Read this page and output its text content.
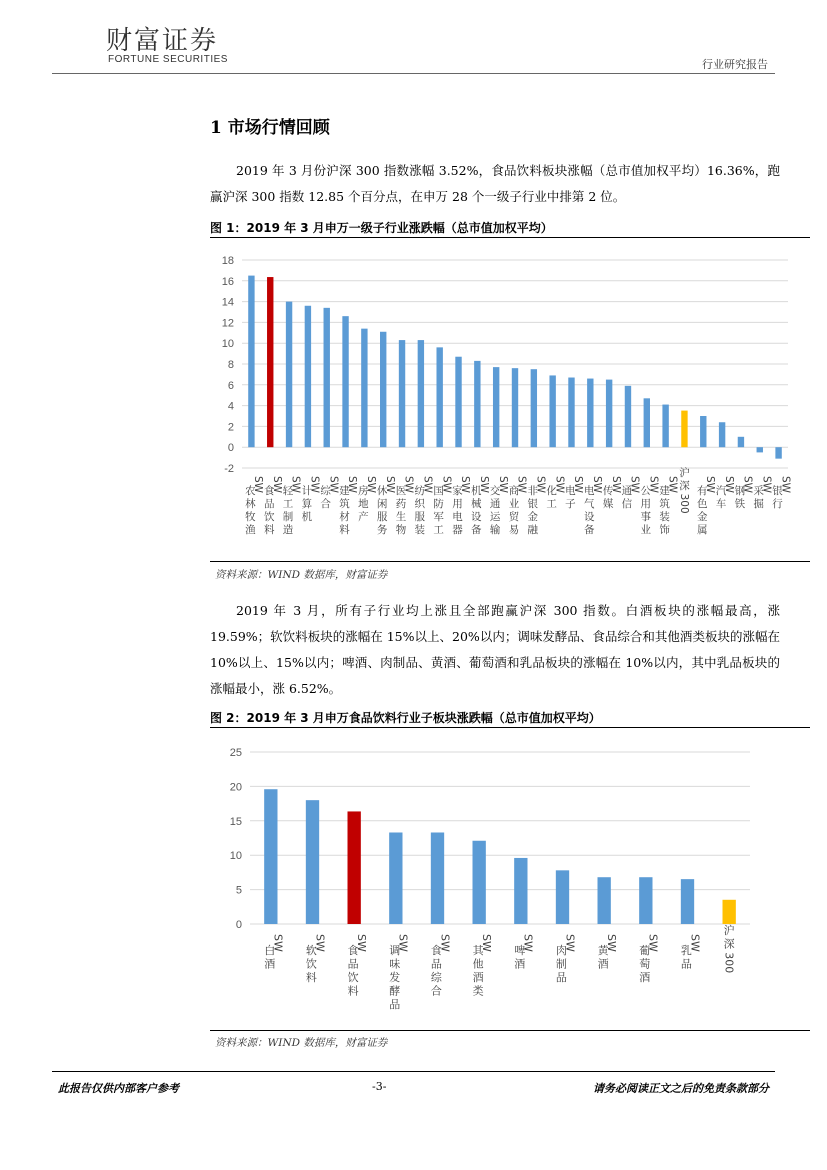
财富证券
FORTUNE SECURITIES	行业研究报告
1 市场行情回顾
2019 年 3 月份沪深 300 指数涨幅 3.52%，食品饮料板块涨幅（总市值加权平均）16.36%，跑赢沪深 300 指数 12.85 个百分点，在申万 28 个一级子行业中排第 2 位。
图 1：2019 年 3 月申万一级子行业涨跌幅（总市值加权平均）
-2
0
2
4
6
8
10
12
14
16
18
SW
农
林
牧
渔
SW
食
品
饮
料
SW
轻
工
制
造
SW
计
算
机
SW
综
合
SW
建
筑
材
料
SW
房
地
产
SW
休
闲
服
务
SW
医
药
生
物
SW
纺
织
服
装
SW
国
防
军
工
SW
家
用
电
器
SW
机
械
设
备
SW
交
通
运
输
SW
商
业
贸
易
SW
非
银
金
融
SW
化
工
SW
电
子
SW
电
气
设
备
SW
传
媒
SW
通
信
SW
公
用
事
业
SW
建
筑
装
饰
沪
深
300
SW
有
色
金
属
SW
汽
车
SW
钢
铁
SW
采
掘
SW
银
行
资料来源：WIND 数据库，财富证券
2019 年 3 月，所有子行业均上涨且全部跑赢沪深 300 指数。白酒板块的涨幅最高，涨 19.59%；软饮料板块的涨幅在 15%以上、20%以内；调味发酵品、食品综合和其他酒类板块的涨幅在 10%以上、15%以内；啤酒、肉制品、黄酒、葡萄酒和乳品板块的涨幅在 10%以内，其中乳品板块的涨幅最小，涨 6.52%。
图 2：2019 年 3 月申万食品饮料行业子板块涨跌幅（总市值加权平均）
0
5
10
15
20
25
SW
白
酒
SW
软
饮
料
SW
食
品
饮
料
SW
调
味
发
酵
品
SW
食
品
综
合
SW
其
他
酒
类
SW
啤
酒
SW
肉
制
品
SW
黄
酒
SW
葡
萄
酒
SW
乳
品
沪
深
300
资料来源：WIND 数据库，财富证券
此报告仅供内部客户参考	-3-	请务必阅读正文之后的免责条款部分
